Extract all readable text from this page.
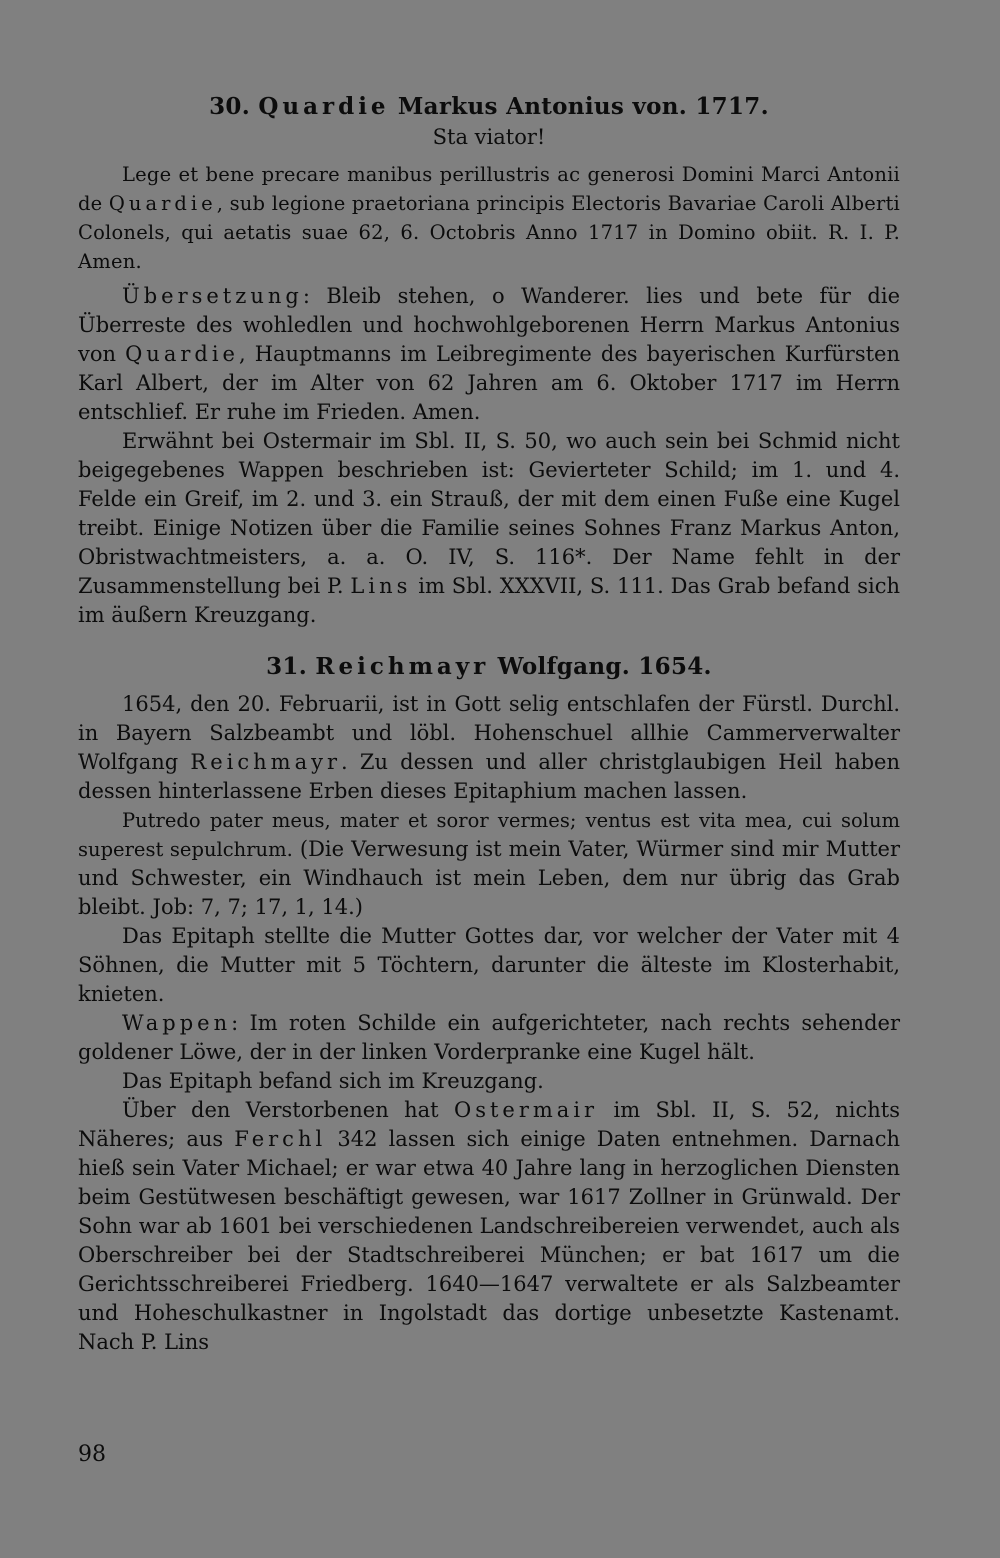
30. Quardie Markus Antonius von. 1717.
Sta viator!

Lege et bene precare manibus perillustris ac generosi Domini Marci Antonii de Quardie, sub legione praetoriana principis Electoris Bavariae Caroli Alberti Colonels, qui aetatis suae 62, 6. Octobris Anno 1717 in Domino obiit. R. I. P. Amen.

Übersetzung: Bleib stehen, o Wanderer. lies und bete für die Überreste des wohledlen und hochwohlgeborenen Herrn Markus Antonius von Quardie, Hauptmanns im Leibregimente des bayerischen Kurfürsten Karl Albert, der im Alter von 62 Jahren am 6. Oktober 1717 im Herrn entschlief. Er ruhe im Frieden. Amen.

Erwähnt bei Ostermair im Sbl. II, S. 50, wo auch sein bei Schmid nicht beigegebenes Wappen beschrieben ist: Gevierteter Schild; im 1. und 4. Felde ein Greif, im 2. und 3. ein Strauß, der mit dem einen Fuße eine Kugel treibt. Einige Notizen über die Familie seines Sohnes Franz Markus Anton, Obristwachtmeisters, a. a. O. IV, S. 116*. Der Name fehlt in der Zusammenstellung bei P. Lins im Sbl. XXXVII, S. 111. Das Grab befand sich im äußern Kreuzgang.

31. Reichmayr Wolfgang. 1654.

1654, den 20. Februarii, ist in Gott selig entschlafen der Fürstl. Durchl. in Bayern Salzbeambt und löbl. Hohenschuel allhie Cammerverwalter Wolfgang Reichmayr. Zu dessen und aller christglaubigen Heil haben dessen hinterlassene Erben dieses Epitaphium machen lassen.

Putredo pater meus, mater et soror vermes; ventus est vita mea, cui solum superest sepulchrum. (Die Verwesung ist mein Vater, Würmer sind mir Mutter und Schwester, ein Windhauch ist mein Leben, dem nur übrig das Grab bleibt. Job: 7, 7; 17, 1, 14.)

Das Epitaph stellte die Mutter Gottes dar, vor welcher der Vater mit 4 Söhnen, die Mutter mit 5 Töchtern, darunter die älteste im Klosterhabit, knieten.

Wappen: Im roten Schilde ein aufgerichteter, nach rechts sehender goldener Löwe, der in der linken Vorderpranke eine Kugel hält.

Das Epitaph befand sich im Kreuzgang.

Über den Verstorbenen hat Ostermair im Sbl. II, S. 52, nichts Näheres; aus Ferchl 342 lassen sich einige Daten entnehmen. Darnach hieß sein Vater Michael; er war etwa 40 Jahre lang in herzoglichen Diensten beim Gestütwesen beschäftigt gewesen, war 1617 Zollner in Grünwald. Der Sohn war ab 1601 bei verschiedenen Landschreibereien verwendet, auch als Oberschreiber bei der Stadtschreiberei München; er bat 1617 um die Gerichtsschreiberei Friedberg. 1640—1647 verwaltete er als Salzbeamter und Hoheschulkastner in Ingolstadt das dortige unbesetzte Kastenamt. Nach P. Lins

98
